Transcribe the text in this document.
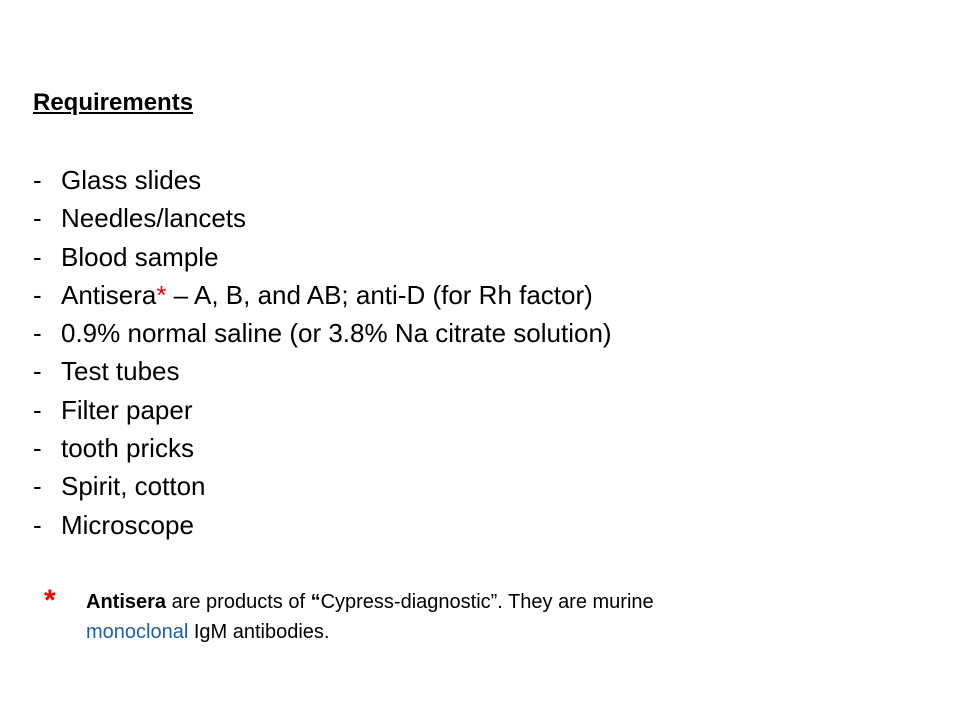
Requirements
- Glass slides
- Needles/lancets
- Blood sample
- Antisera* – A, B, and AB; anti-D (for Rh factor)
- 0.9% normal saline (or 3.8% Na citrate solution)
- Test tubes
- Filter paper
- tooth pricks
- Spirit, cotton
- Microscope
* Antisera are products of “Cypress-diagnostic”. They are murine
monoclonal IgM antibodies.
